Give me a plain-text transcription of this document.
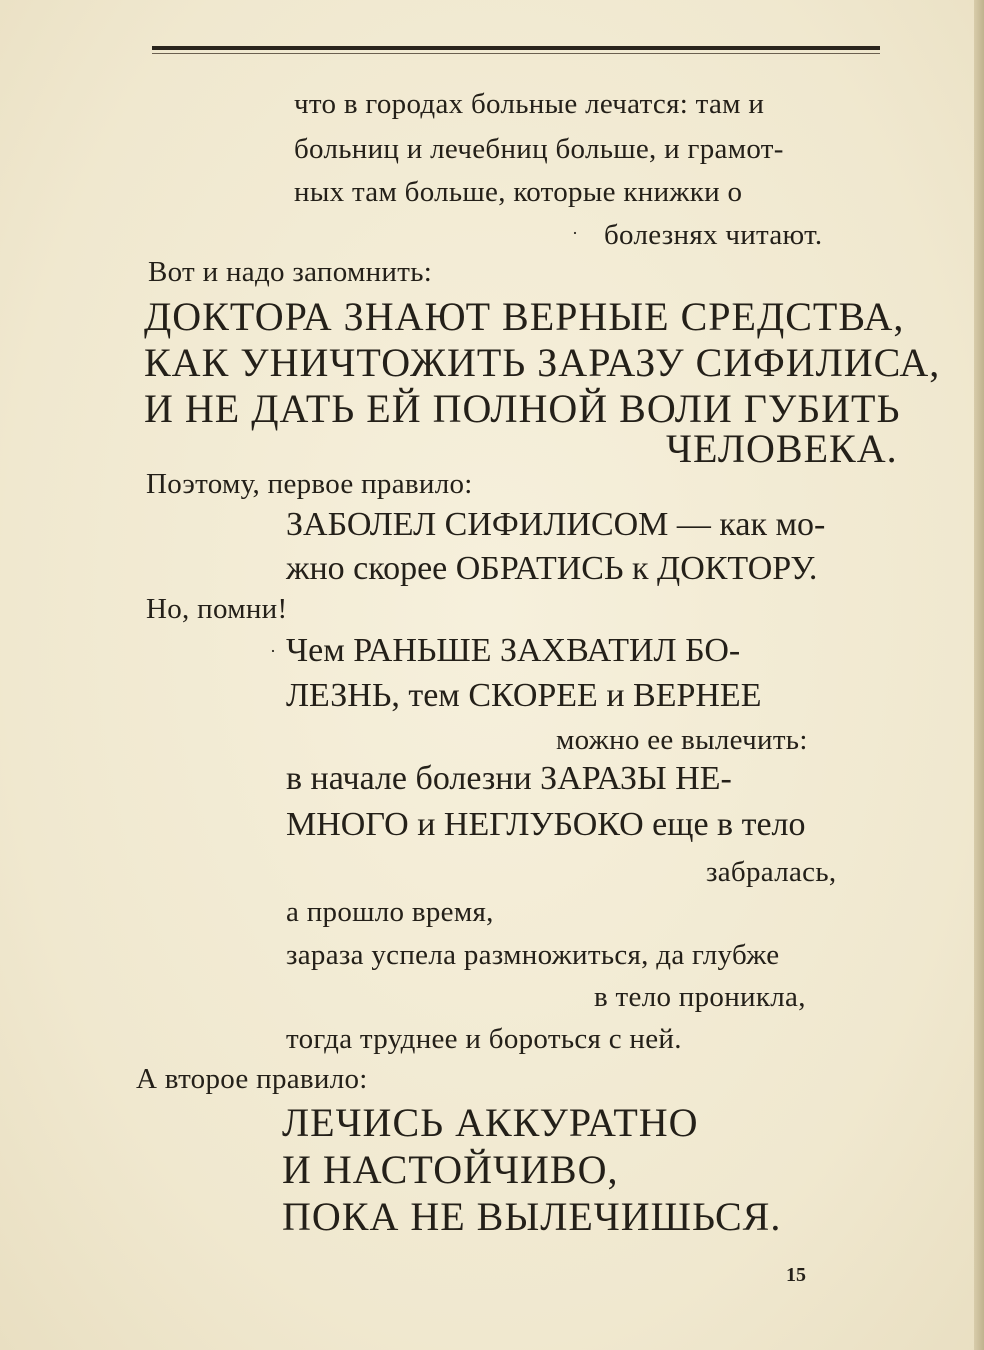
что в городах больные лечатся: там и

больниц и лечебниц больше, и грамот-

ных там больше, которые книжки о

болезнях читают.

Вот и надо запомнить:

ДОКТОРА ЗНАЮТ ВЕРНЫЕ СРЕДСТВА,

КАК УНИЧТОЖИТЬ ЗАРАЗУ СИФИЛИСА,

И НЕ ДАТЬ ЕЙ ПОЛНОЙ ВОЛИ ГУБИТЬ

ЧЕЛОВЕКА.

Поэтому, первое правило:

ЗАБОЛЕЛ СИФИЛИСОМ — как мо-

жно скорее ОБРАТИСЬ к ДОКТОРУ.

Но, помни!

Чем РАНЬШЕ ЗАХВАТИЛ БО-

ЛЕЗНЬ, тем СКОРЕЕ и ВЕРНЕЕ

можно ее вылечить:

в начале болезни ЗАРАЗЫ НЕ-

МНОГО и НЕГЛУБОКО еще в тело

забралась,

а прошло время,

зараза успела размножиться, да глубже

в тело проникла,

тогда труднее и бороться с ней.

А второе правило:

ЛЕЧИСЬ АККУРАТНО

И НАСТОЙЧИВО,

ПОКА НЕ ВЫЛЕЧИШЬСЯ.

·
·
15
